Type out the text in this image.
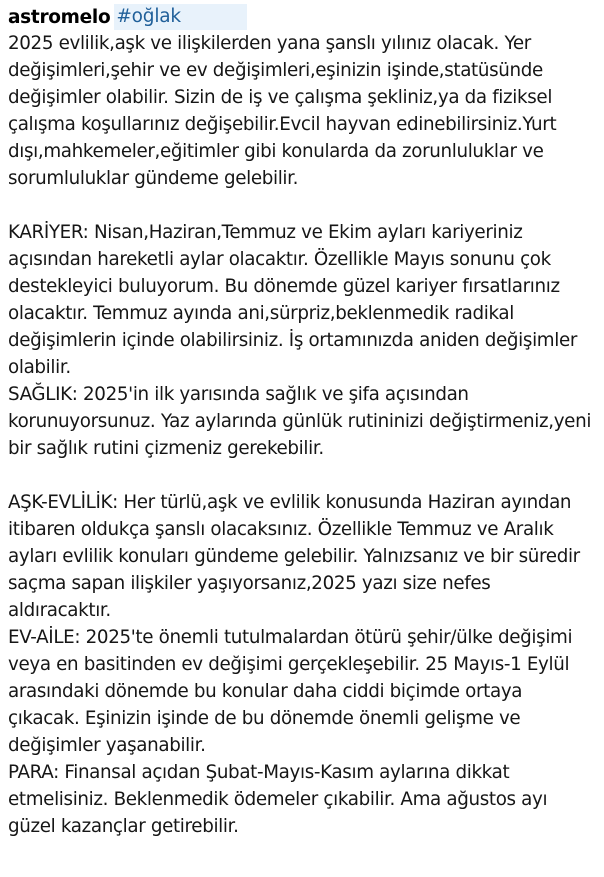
astromelo #oğlak

2025 evlilik,aşk ve ilişkilerden yana şanslı yılınız olacak. Yer değişimleri,şehir ve ev değişimleri,eşinizin işinde,statüsünde değişimler olabilir. Sizin de iş ve çalışma şekliniz,ya da fiziksel çalışma koşullarınız değişebilir.Evcil hayvan edinebilirsiniz.Yurt dışı,mahkemeler,eğitimler gibi konularda da zorunluluklar ve sorumluluklar gündeme gelebilir.

KARİYER: Nisan,Haziran,Temmuz ve Ekim ayları kariyeriniz açısından hareketli aylar olacaktır. Özellikle Mayıs sonunu çok destekleyici buluyorum. Bu dönemde güzel kariyer fırsatlarınız olacaktır. Temmuz ayında ani,sürpriz,beklenmedik radikal değişimlerin içinde olabilirsiniz. İş ortamınızda aniden değişimler olabilir.

SAĞLIK: 2025'in ilk yarısında sağlık ve şifa açısından korunuyorsunuz. Yaz aylarında günlük rutininizi değiştirmeniz,yeni bir sağlık rutini çizmeniz gerekebilir.

AŞK-EVLİLİK: Her türlü,aşk ve evlilik konusunda Haziran ayından itibaren oldukça şanslı olacaksınız. Özellikle Temmuz ve Aralık ayları evlilik konuları gündeme gelebilir. Yalnızsanız ve bir süredir saçma sapan ilişkiler yaşıyorsanız,2025 yazı size nefes aldıracaktır.

EV-AİLE: 2025'te önemli tutulmalardan ötürü şehir/ülke değişimi veya en basitinden ev değişimi gerçekleşebilir. 25 Mayıs-1 Eylül arasındaki dönemde bu konular daha ciddi biçimde ortaya çıkacak. Eşinizin işinde de bu dönemde önemli gelişme ve değişimler yaşanabilir.

PARA: Finansal açıdan Şubat-Mayıs-Kasım aylarına dikkat etmelisiniz. Beklenmedik ödemeler çıkabilir. Ama ağustos ayı güzel kazançlar getirebilir.
